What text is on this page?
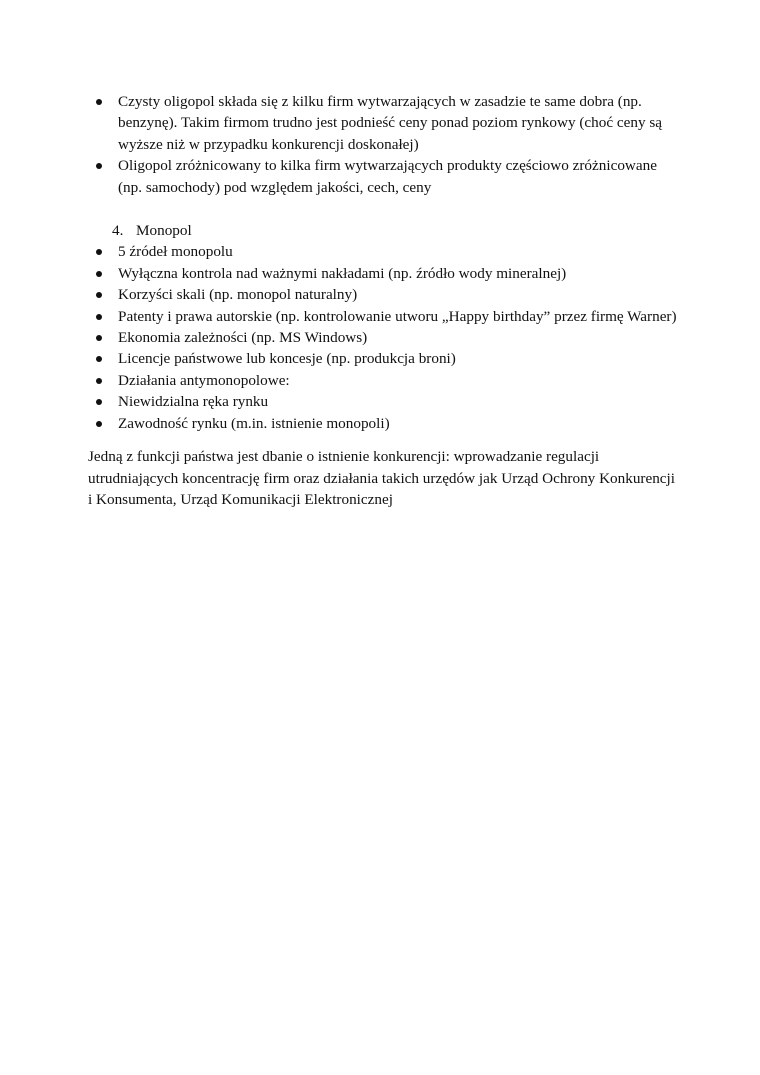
Czysty oligopol składa się z kilku firm wytwarzających w zasadzie te same dobra (np. benzynę). Takim firmom trudno jest podnieść ceny ponad poziom rynkowy (choć ceny są wyższe niż w przypadku konkurencji doskonałej)
Oligopol zróżnicowany to kilka firm wytwarzających produkty częściowo zróżnicowane (np. samochody) pod względem jakości, cech, ceny
4. Monopol
5 źródeł monopolu
Wyłączna kontrola nad ważnymi nakładami (np. źródło wody mineralnej)
Korzyści skali (np. monopol naturalny)
Patenty i prawa autorskie (np. kontrolowanie utworu „Happy birthday” przez firmę Warner)
Ekonomia zależności (np. MS Windows)
Licencje państwowe lub koncesje (np. produkcja broni)
Działania antymonopolowe:
Niewidzialna ręka rynku
Zawodność rynku (m.in. istnienie monopoli)

Jedną z funkcji państwa jest dbanie o istnienie konkurencji: wprowadzanie regulacji utrudniających koncentrację firm oraz działania takich urzędów jak Urząd Ochrony Konkurencji i Konsumenta, Urząd Komunikacji Elektronicznej
